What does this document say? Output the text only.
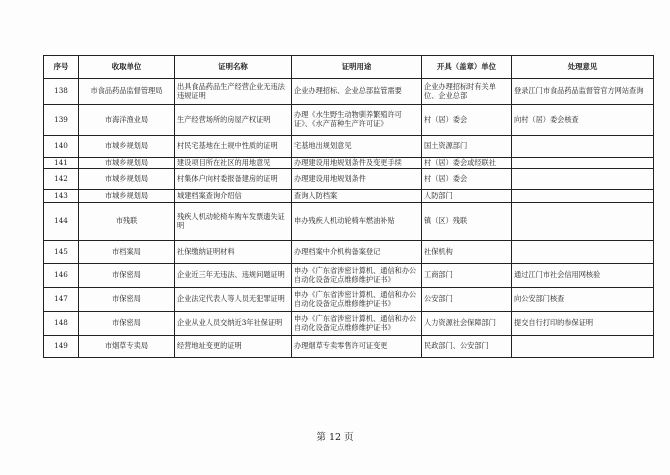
序号	收取单位	证明名称	证明用途	开具（盖章）单位	处理意见
138	市食品药品监督管理局	出具食品药品生产经营企业无违法违规证明	企业办理招标、企业总部监管需要	企业办理招标时有关单位、企业总部	登录江门市食品药品监督管官方网站查询
139	市海洋渔业局	生产经营场所的房屋产权证明	办理《水生野生动物驯养繁殖许可证》、《水产苗种生产许可证》	村（居）委会	向村（居）委会核查
140	市城乡规划局	村民宅基地在土规中性质的证明	宅基地出规划意见	国土资源部门	
141	市城乡规划局	建设项目所在社区的用地意见	办理建设用地规划条件及变更手续	村（居）委会或经联社	
142	市城乡规划局	村集体户向村委报备建房的证明	办理建设用地规划条件	村（居）委会	
143	市城乡规划局	城建档案查询介绍信	查询人防档案	人防部门	
144	市残联	残疾人机动轮椅车购车发票遗失证明	申办残疾人机动轮椅车燃油补贴	镇（区）残联	
145	市档案局	社保缴纳证明材料	办理档案中介机构备案登记	社保机构	
146	市保密局	企业近三年无违法、违规问题证明	申办《广东省涉密计算机、通信和办公自动化设备定点维修维护证书》	工商部门	通过江门市社会信用网核验
147	市保密局	企业法定代表人等人员无犯罪证明	申办《广东省涉密计算机、通信和办公自动化设备定点维修维护证书》	公安部门	向公安部门核查
148	市保密局	企业从业人员交纳近3年社保证明	申办《广东省涉密计算机、通信和办公自动化设备定点维修维护证书》	人力资源社会保障部门	提交自行打印的参保证明
149	市烟草专卖局	经营地址变更的证明	办理烟草专卖零售许可证变更	民政部门、公安部门	
第 12 页
